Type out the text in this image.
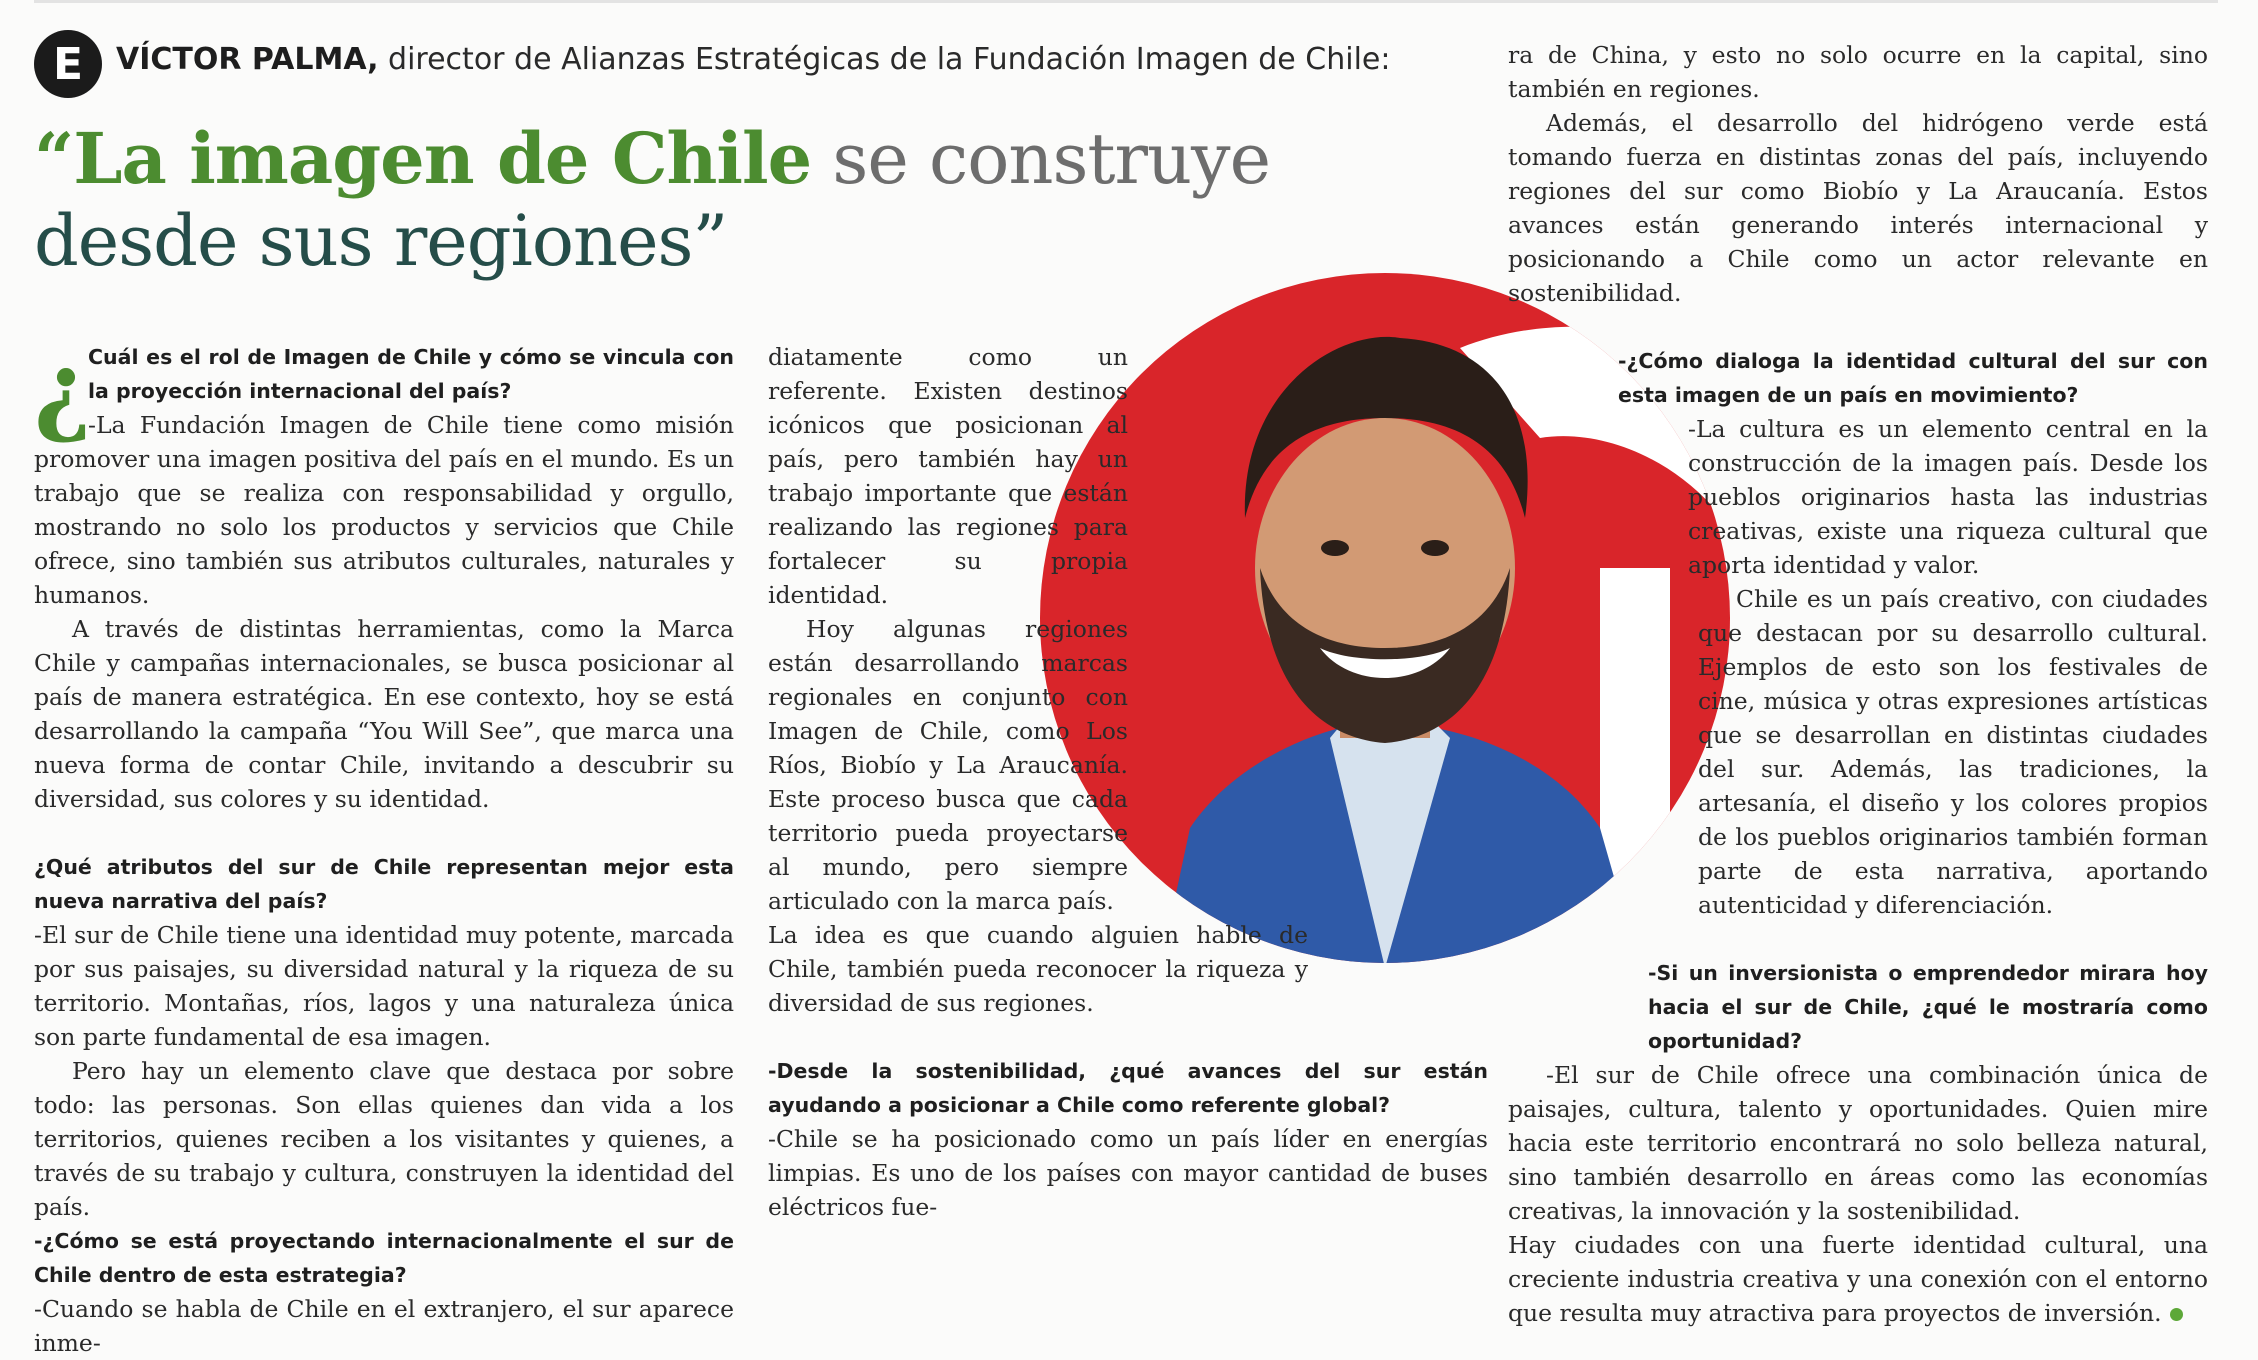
E VÍCTOR PALMA, director de Alianzas Estratégicas de la Fundación Imagen de Chile:
“La imagen de Chile se construye
desde sus regiones”
¿

Cuál es el rol de Imagen de Chile y cómo se vincula con la proyección internacional del país?

-La Fundación Imagen de Chile tiene como misión promover una imagen positiva del país en el mundo. Es un trabajo que se realiza con responsabilidad y orgullo, mostrando no solo los productos y servicios que Chile ofrece, sino también sus atributos culturales, naturales y humanos.

A través de distintas herramientas, como la Marca Chile y campañas internacionales, se busca posicionar al país de manera estratégica. En ese contexto, hoy se está desarrollando la campaña “You Will See”, que marca una nueva forma de contar Chile, invitando a descubrir su diversidad, sus colores y su identidad.

¿Qué atributos del sur de Chile representan mejor esta nueva narrativa del país?

-El sur de Chile tiene una identidad muy potente, marcada por sus paisajes, su diversidad natural y la riqueza de su territorio. Montañas, ríos, lagos y una naturaleza única son parte fundamental de esa imagen.

Pero hay un elemento clave que destaca por sobre todo: las personas. Son ellas quienes dan vida a los territorios, quienes reciben a los visitantes y quienes, a través de su trabajo y cultura, construyen la identidad del país.

-¿Cómo se está proyectando internacionalmente el sur de Chile dentro de esta estrategia?

-Cuando se habla de Chile en el extranjero, el sur aparece inme-

diatamente como un referente. Existen destinos icónicos que posicionan al país, pero también hay un trabajo importante que están realizando las regiones para fortalecer su propia identidad.

Hoy algunas regiones están desarrollando marcas regionales en conjunto con Imagen de Chile, como Los Ríos, Biobío y La Araucanía. Este proceso busca que cada territorio pueda proyectarse al mundo, pero siempre articulado con la marca país.

La idea es que cuando alguien hable de Chile, también pueda reconocer la riqueza y diversidad de sus regiones.

-Desde la sostenibilidad, ¿qué avances del sur están ayudando a posicionar a Chile como referente global?

-Chile se ha posicionado como un país líder en energías limpias. Es uno de los países con mayor cantidad de buses eléctricos fue-

ra de China, y esto no solo ocurre en la capital, sino también en regiones.

Además, el desarrollo del hidrógeno verde está tomando fuerza en distintas zonas del país, incluyendo regiones del sur como Biobío y La Araucanía. Estos avances están generando interés internacional y posicionando a Chile como un actor relevante en sostenibilidad.

-¿Cómo dialoga la identidad cultural del sur con esta imagen de un país en movimiento?

-La cultura es un elemento central en la construcción de la imagen país. Desde los pueblos originarios hasta las industrias creativas, existe una riqueza cultural que aporta identidad y valor.

Chile es un país creativo, con ciudades que destacan por su desarrollo cultural. Ejemplos de esto son los festivales de cine, música y otras expresiones artísticas que se desarrollan en distintas ciudades del sur. Además, las tradiciones, la artesanía, el diseño y los colores propios de los pueblos originarios también forman parte de esta narrativa, aportando autenticidad y diferenciación.

-Si un inversionista o emprendedor mirara hoy hacia el sur de Chile, ¿qué le mostraría como oportunidad?

-El sur de Chile ofrece una combinación única de paisajes, cultura, talento y oportunidades. Quien mire hacia este territorio encontrará no solo belleza natural, sino también desarrollo en áreas como las economías creativas, la innovación y la sostenibilidad.

Hay ciudades con una fuerte identidad cultural, una creciente industria creativa y una conexión con el entorno que resulta muy atractiva para proyectos de inversión.
